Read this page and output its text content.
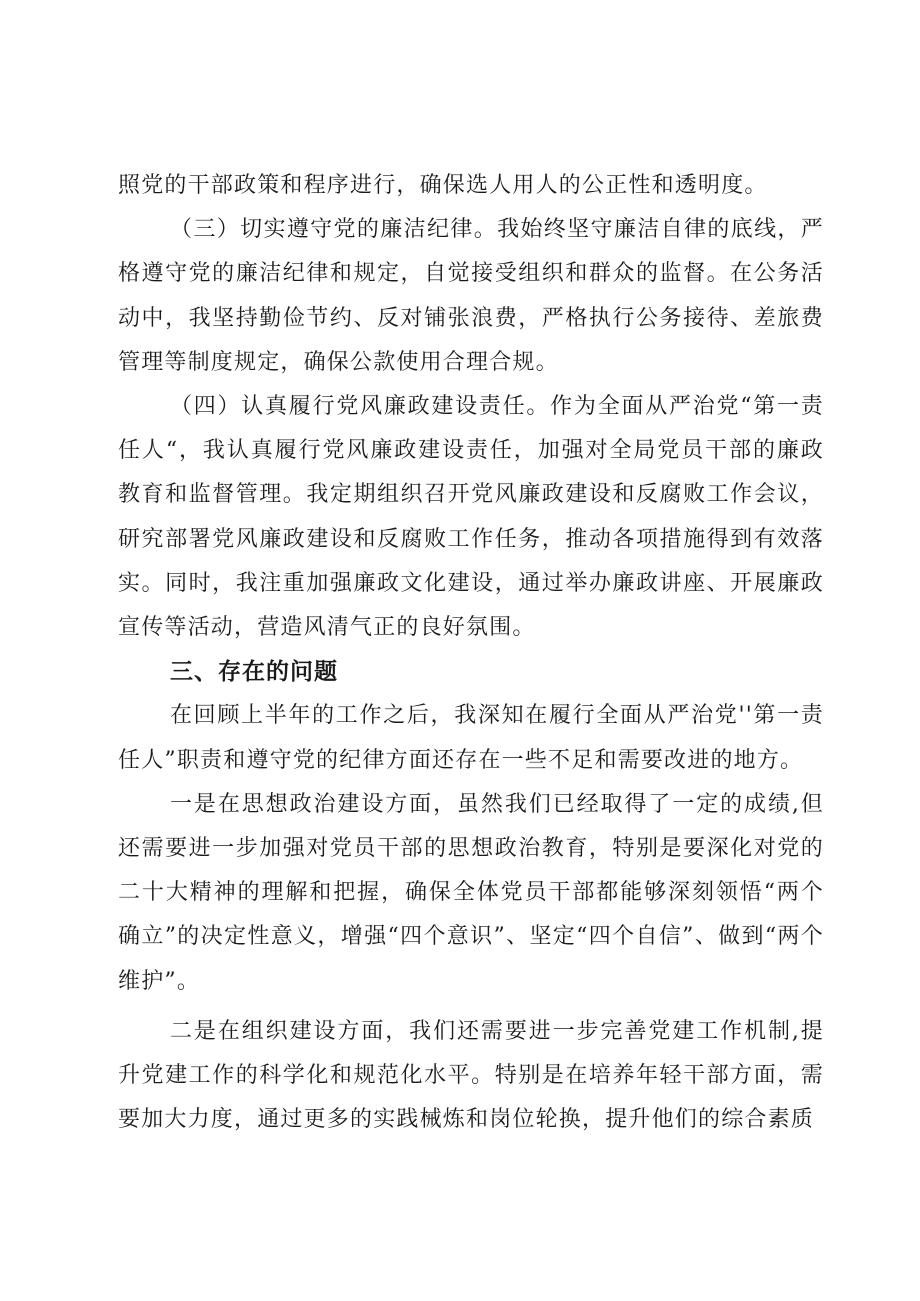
照党的干部政策和程序进行，确保选人用人的公正性和透明度。

（三）切实遵守党的廉洁纪律。我始终坚守廉洁自律的底线，严格遵守党的廉洁纪律和规定，自觉接受组织和群众的监督。在公务活动中，我坚持勤俭节约、反对铺张浪费，严格执行公务接待、差旅费管理等制度规定，确保公款使用合理合规。

（四）认真履行党风廉政建设责任。作为全面从严治党“第一责任人“，我认真履行党风廉政建设责任，加强对全局党员干部的廉政教育和监督管理。我定期组织召开党风廉政建设和反腐败工作会议，研究部署党风廉政建设和反腐败工作任务，推动各项措施得到有效落实。同时，我注重加强廉政文化建设，通过举办廉政讲座、开展廉政宣传等活动，营造风清气正的良好氛围。

三、存在的问题

在回顾上半年的工作之后，我深知在履行全面从严治党''第一责任人”职责和遵守党的纪律方面还存在一些不足和需要改进的地方。

一是在思想政治建设方面，虽然我们已经取得了一定的成绩,但还需要进一步加强对党员干部的思想政治教育，特别是要深化对党的二十大精神的理解和把握，确保全体党员干部都能够深刻领悟“两个确立”的决定性意义，增强“四个意识”、坚定“四个自信”、做到“两个维护”。

二是在组织建设方面，我们还需要进一步完善党建工作机制,提升党建工作的科学化和规范化水平。特别是在培养年轻干部方面，需要加大力度，通过更多的实践械炼和岗位轮换，提升他们的综合素质
